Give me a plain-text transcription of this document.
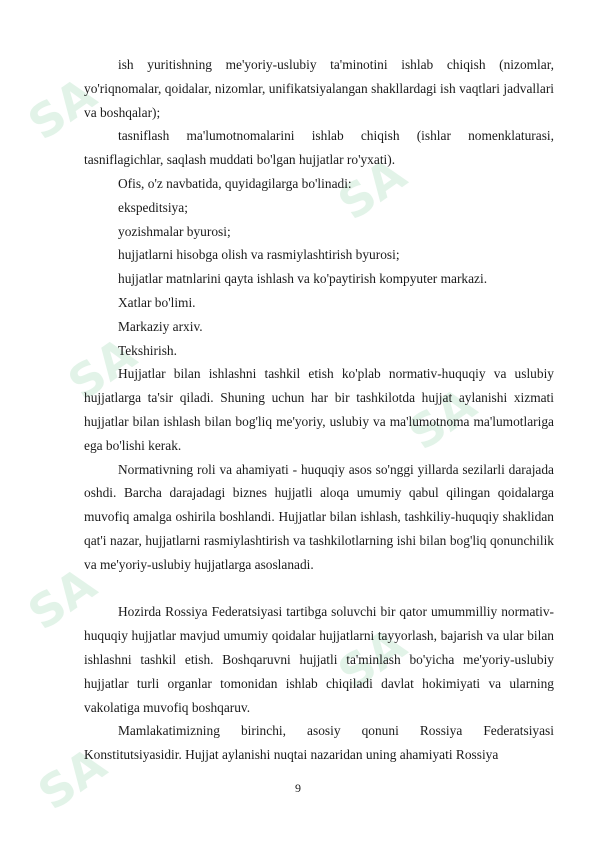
SAF
SAF
SAF	SAF
SAF
SAF
SAF

ish yuritishning me'yoriy-uslubiy ta'minotini ishlab chiqish (nizomlar, yo'riqnomalar, qoidalar, nizomlar, unifikatsiyalangan shakllardagi ish vaqtlari jadvallari va boshqalar);

tasniflash ma'lumotnomalarini ishlab chiqish (ishlar nomenklaturasi, tasniflagichlar, saqlash muddati bo'lgan hujjatlar ro'yxati).

Ofis, o'z navbatida, quyidagilarga bo'linadi:

ekspeditsiya;

yozishmalar byurosi;

hujjatlarni hisobga olish va rasmiylashtirish byurosi;

hujjatlar matnlarini qayta ishlash va ko'paytirish kompyuter markazi.

Xatlar bo'limi.

Markaziy arxiv.

Tekshirish.

Hujjatlar bilan ishlashni tashkil etish ko'plab normativ-huquqiy va uslubiy hujjatlarga ta'sir qiladi. Shuning uchun har bir tashkilotda hujjat aylanishi xizmati hujjatlar bilan ishlash bilan bog'liq me'yoriy, uslubiy va ma'lumotnoma ma'lumotlariga ega bo'lishi kerak.

Normativning roli va ahamiyati - huquqiy asos so'nggi yillarda sezilarli darajada oshdi. Barcha darajadagi biznes hujjatli aloqa umumiy qabul qilingan qoidalarga muvofiq amalga oshirila boshlandi. Hujjatlar bilan ishlash, tashkiliy-huquqiy shaklidan qat'i nazar, hujjatlarni rasmiylashtirish va tashkilotlarning ishi bilan bog'liq qonunchilik va me'yoriy-uslubiy hujjatlarga asoslanadi.

Hozirda Rossiya Federatsiyasi tartibga soluvchi bir qator umummilliy normativ-huquqiy hujjatlar mavjud umumiy qoidalar hujjatlarni tayyorlash, bajarish va ular bilan ishlashni tashkil etish. Boshqaruvni hujjatli ta'minlash bo'yicha me'yoriy-uslubiy hujjatlar turli organlar tomonidan ishlab chiqiladi davlat hokimiyati va ularning vakolatiga muvofiq boshqaruv.

Mamlakatimizning birinchi, asosiy qonuni Rossiya Federatsiyasi Konstitutsiyasidir. Hujjat aylanishi nuqtai nazaridan uning ahamiyati Rossiya

9
